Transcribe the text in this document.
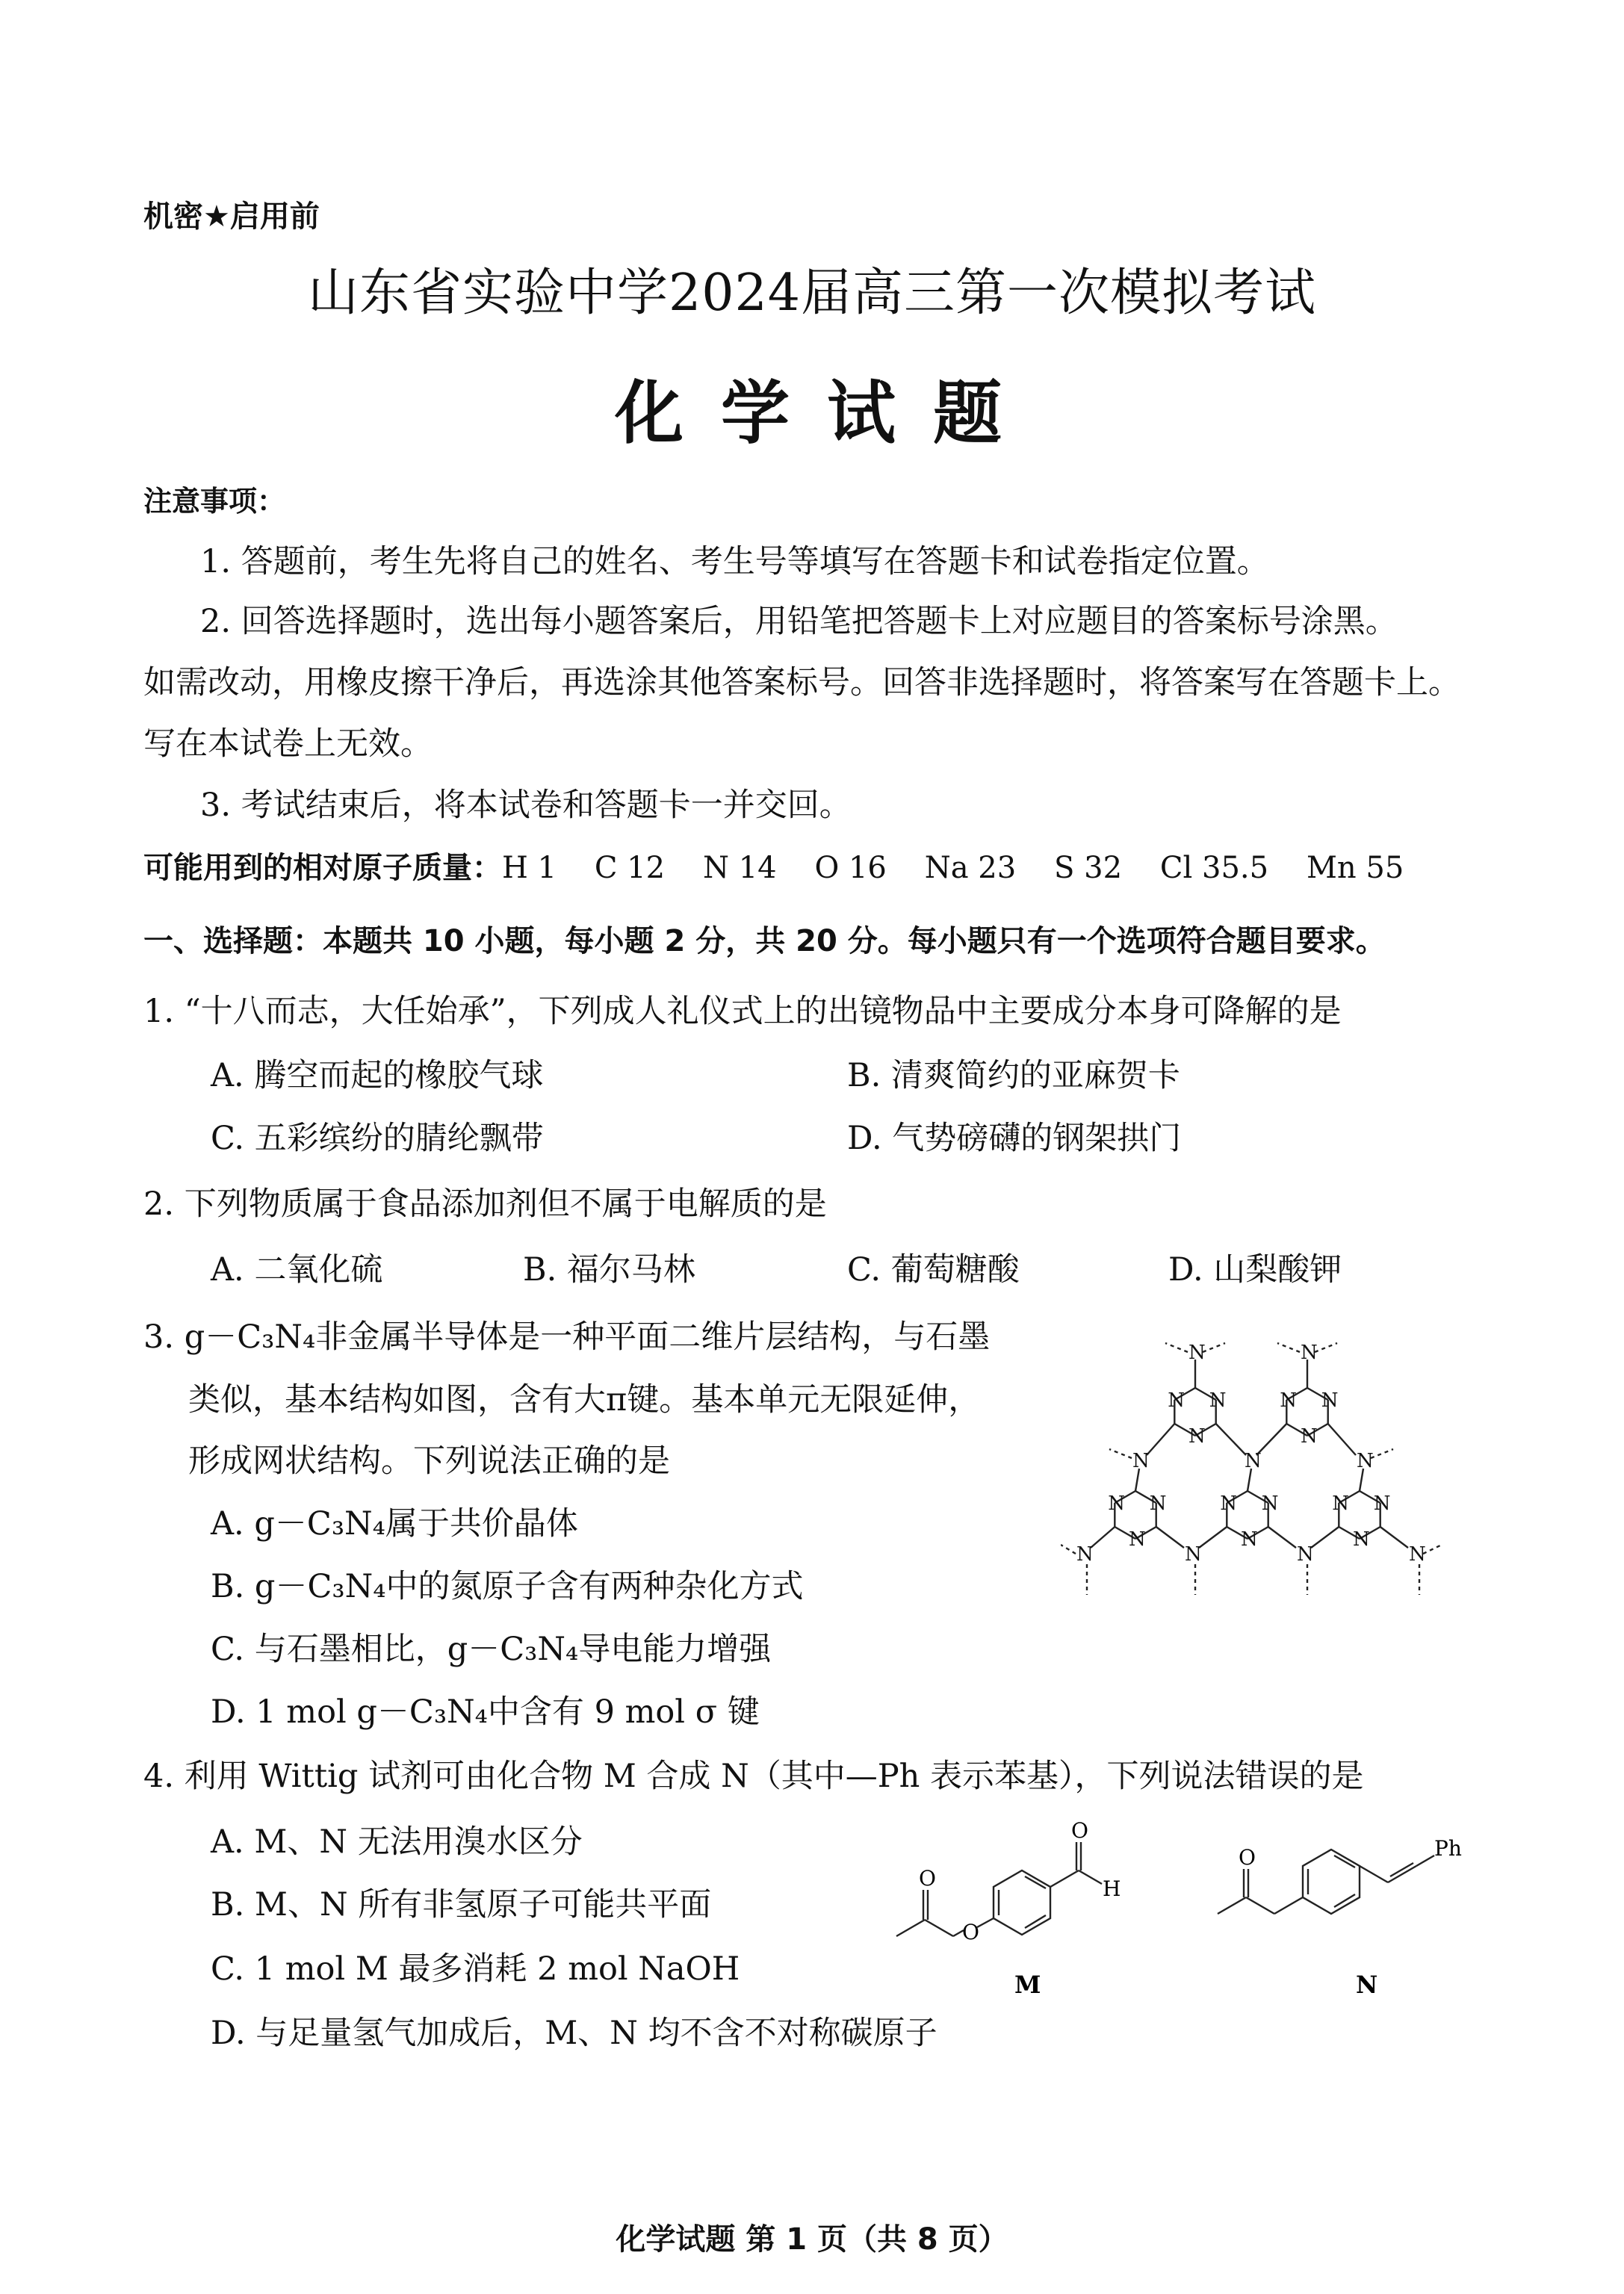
机密★启用前
山东省实验中学2024届高三第一次模拟考试
化学试题
注意事项：
1. 答题前，考生先将自己的姓名、考生号等填写在答题卡和试卷指定位置。
2. 回答选择题时，选出每小题答案后，用铅笔把答题卡上对应题目的答案标号涂黑。
如需改动，用橡皮擦干净后，再选涂其他答案标号。回答非选择题时，将答案写在答题卡上。
写在本试卷上无效。
3. 考试结束后，将本试卷和答题卡一并交回。
可能用到的相对原子质量：H 1    C 12    N 14    O 16    Na 23    S 32    Cl 35.5    Mn 55
一、选择题：本题共 10 小题，每小题 2 分，共 20 分。每小题只有一个选项符合题目要求。
1. “十八而志，大任始承”，下列成人礼仪式上的出镜物品中主要成分本身可降解的是
A. 腾空而起的橡胶气球	B. 清爽简约的亚麻贺卡
C. 五彩缤纷的腈纶飘带	D. 气势磅礴的钢架拱门
2. 下列物质属于食品添加剂但不属于电解质的是
A. 二氧化硫	B. 福尔马林	C. 葡萄糖酸	D. 山梨酸钾
3. g－C₃N₄非金属半导体是一种平面二维片层结构，与石墨
类似，基本结构如图，含有大π键。基本单元无限延伸，
形成网状结构。下列说法正确的是
A. g－C₃N₄属于共价晶体
B. g－C₃N₄中的氮原子含有两种杂化方式
C. 与石墨相比，g－C₃N₄导电能力增强
D. 1 mol g－C₃N₄中含有 9 mol σ 键
N
N
N	N
N
N
N
N
N	N
N
N	N
N
N
N
N	N
N	N	N	N
N	N
4. 利用 Wittig 试剂可由化合物 M 合成 N（其中—Ph 表示苯基），下列说法错误的是
A. M、N 无法用溴水区分
B. M、N 所有非氢原子可能共平面
C. 1 mol M 最多消耗 2 mol NaOH
D. 与足量氢气加成后，M、N 均不含不对称碳原子
O
O
O
H
M
O	Ph
N
化学试题 第 1 页（共 8 页）
